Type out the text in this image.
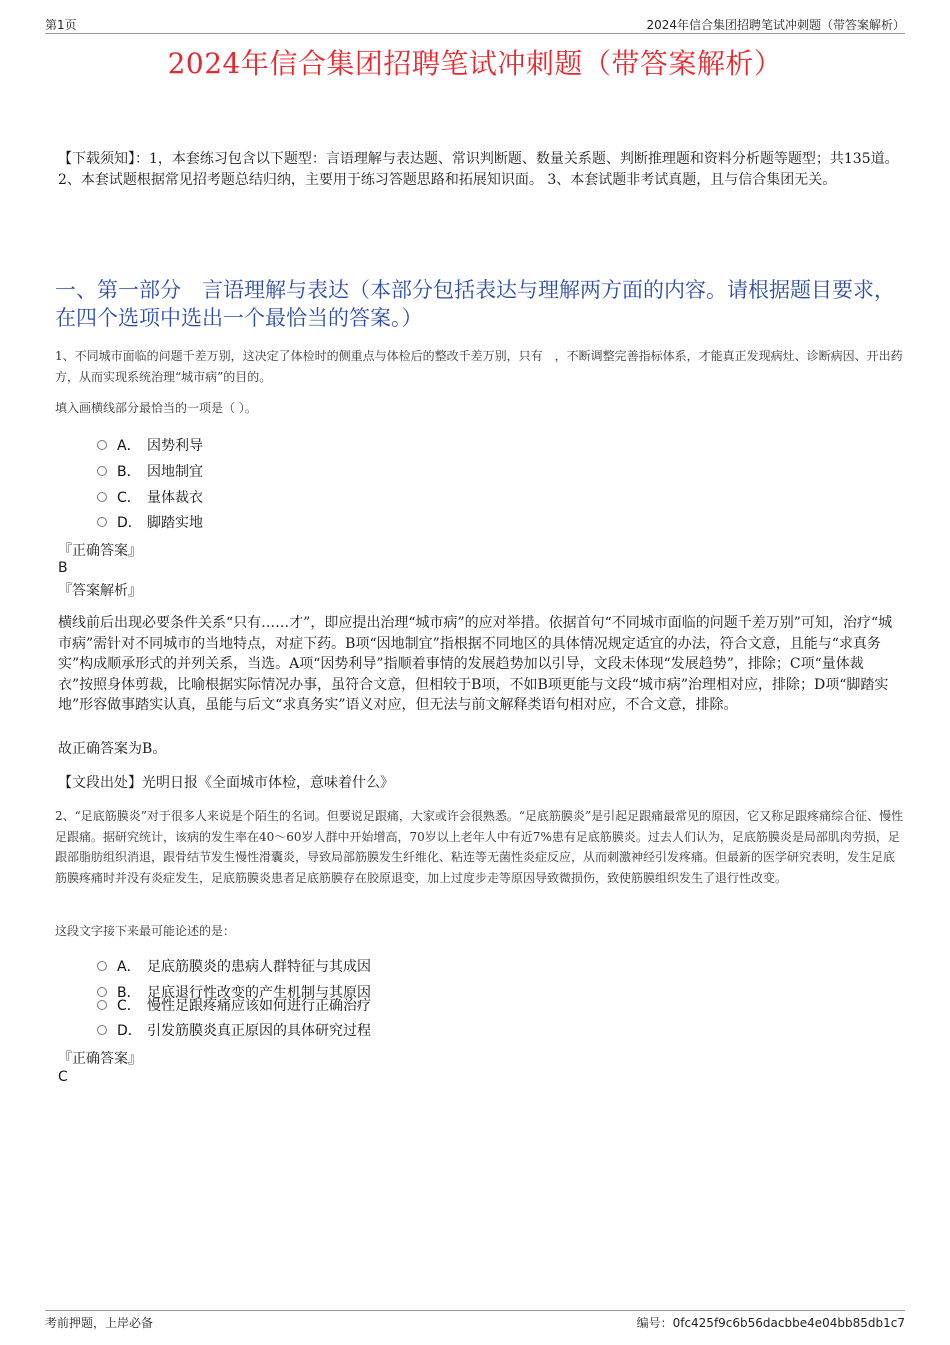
第1页	2024年信合集团招聘笔试冲刺题（带答案解析）
2024年信合集团招聘笔试冲刺题（带答案解析）
【下载须知】：1，本套练习包含以下题型：言语理解与表达题、常识判断题、数量关系题、判断推理题和资料分析题等题型；共135道。 2、本套试题根据常见招考题总结归纳，主要用于练习答题思路和拓展知识面。 3、本套试题非考试真题，且与信合集团无关。
一、第一部分　言语理解与表达（本部分包括表达与理解两方面的内容。请根据题目要求，在四个选项中选出一个最恰当的答案。）
1、不同城市面临的问题千差万别，这决定了体检时的侧重点与体检后的整改千差万别，只有　，不断调整完善指标体系，才能真正发现病灶、诊断病因、开出药方，从而实现系统治理“城市病”的目的。
填入画横线部分最恰当的一项是（ ）。
A． 因势利导
B． 因地制宜
C． 量体裁衣
D． 脚踏实地
『正确答案』
B
『答案解析』
横线前后出现必要条件关系“只有……才”，即应提出治理“城市病”的应对举措。依据首句“不同城市面临的问题千差万别”可知，治疗“城市病”需针对不同城市的当地特点，对症下药。B项“因地制宜”指根据不同地区的具体情况规定适宜的办法，符合文意，且能与“求真务实”构成顺承形式的并列关系，当选。A项“因势利导”指顺着事情的发展趋势加以引导，文段未体现“发展趋势”，排除；C项“量体裁衣”按照身体剪裁，比喻根据实际情况办事，虽符合文意，但相较于B项，不如B项更能与文段“城市病”治理相对应，排除；D项“脚踏实地”形容做事踏实认真，虽能与后文“求真务实”语义对应，但无法与前文解释类语句相对应，不合文意，排除。
故正确答案为B。
【文段出处】光明日报《全面城市体检，意味着什么》
2、“足底筋膜炎”对于很多人来说是个陌生的名词。但要说足跟痛，大家或许会很熟悉。“足底筋膜炎”是引起足跟痛最常见的原因，它又称足跟疼痛综合征、慢性足跟痛。据研究统计，该病的发生率在40～60岁人群中开始增高，70岁以上老年人中有近7%患有足底筋膜炎。过去人们认为，足底筋膜炎是局部肌肉劳损，足跟部脂肪组织消退，跟骨结节发生慢性滑囊炎，导致局部筋膜发生纤维化、粘连等无菌性炎症反应，从而刺激神经引发疼痛。但最新的医学研究表明，发生足底筋膜疼痛时并没有炎症发生，足底筋膜炎患者足底筋膜存在胶原退变，加上过度步走等原因导致微损伤，致使筋膜组织发生了退行性改变。
这段文字接下来最可能论述的是：
A． 足底筋膜炎的患病人群特征与其成因
B． 足底退行性改变的产生机制与其原因
C． 慢性足跟疼痛应该如何进行正确治疗
D． 引发筋膜炎真正原因的具体研究过程
『正确答案』
C
考前押题，上岸必备	编号：0fc425f9c6b56dacbbe4e04bb85db1c7
